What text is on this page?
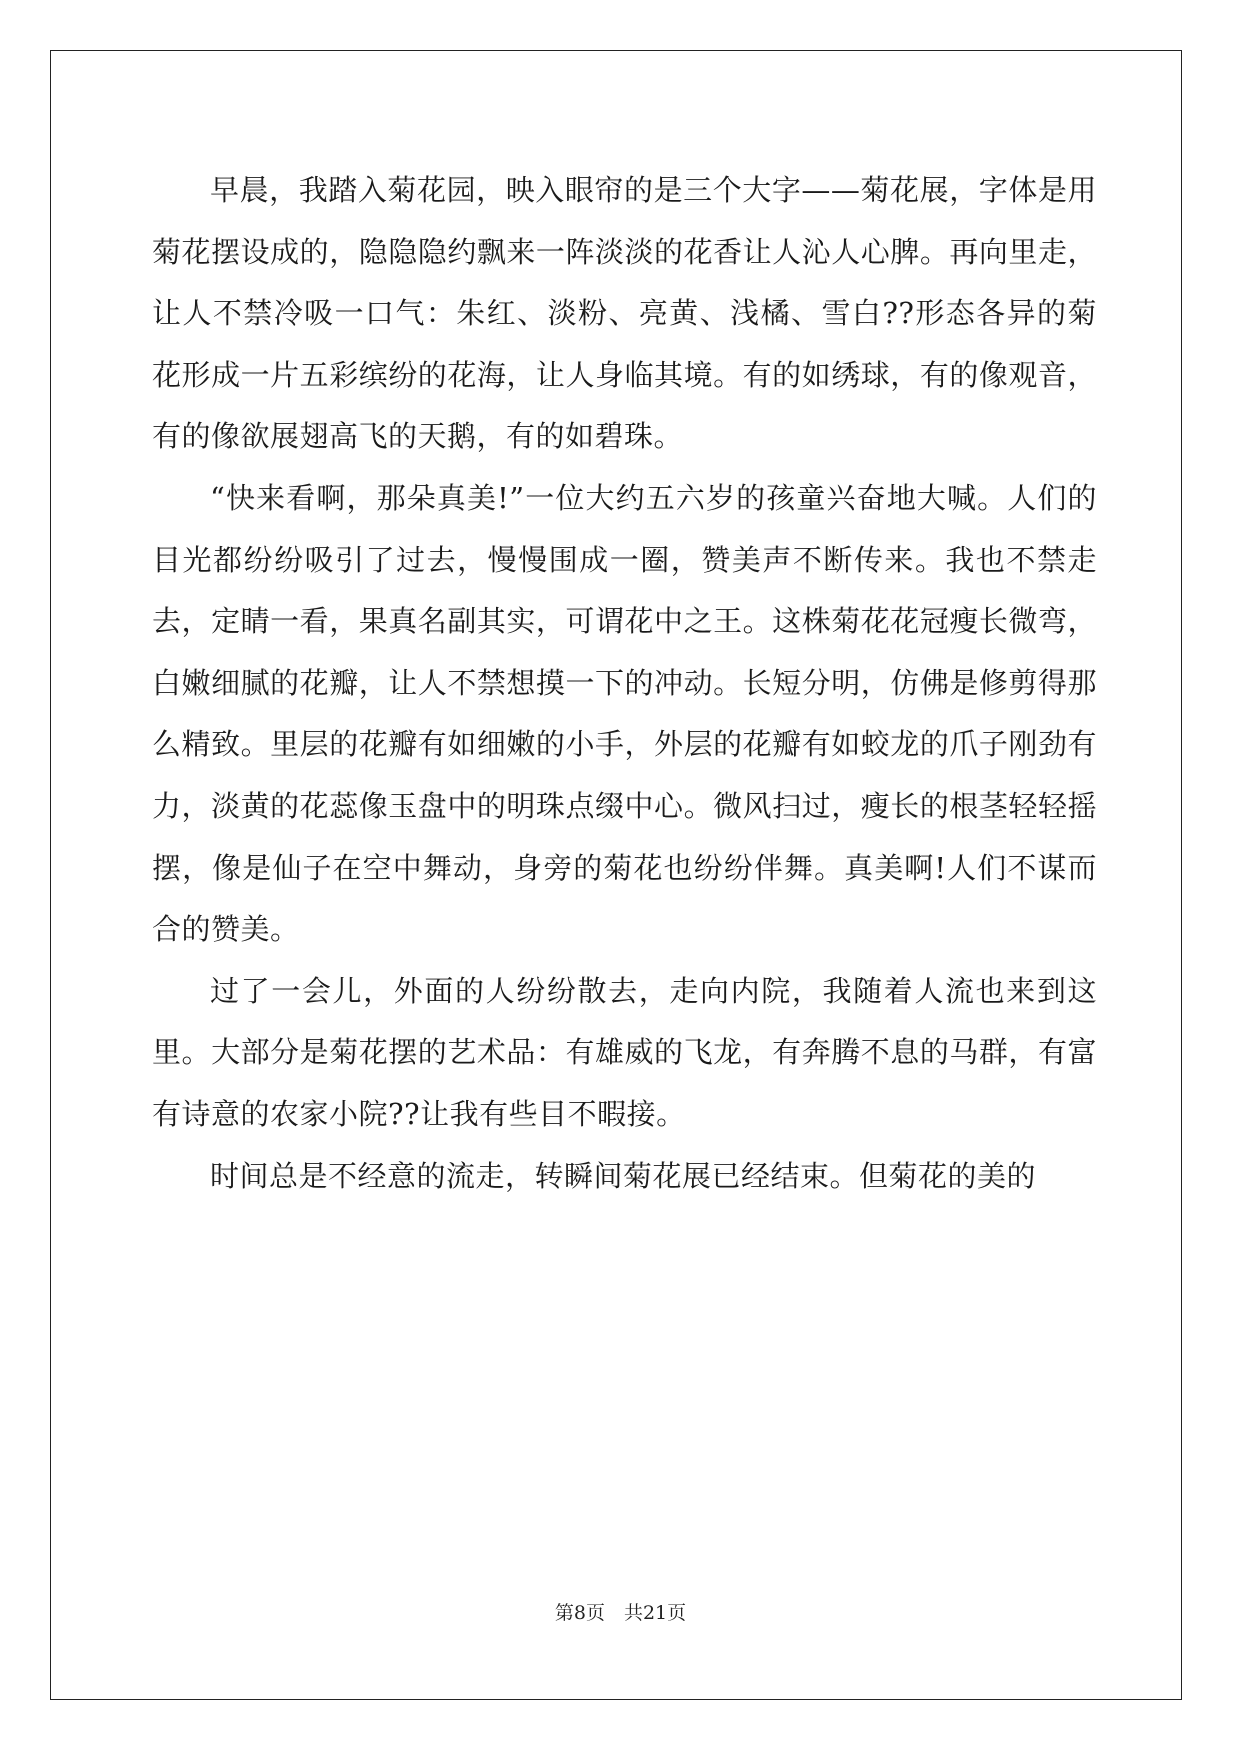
早晨，我踏入菊花园，映入眼帘的是三个大字——菊花展，字体是用菊花摆设成的，隐隐隐约飘来一阵淡淡的花香让人沁人心脾。再向里走，让人不禁冷吸一口气：朱红、淡粉、亮黄、浅橘、雪白??形态各异的菊花形成一片五彩缤纷的花海，让人身临其境。有的如绣球，有的像观音，有的像欲展翅高飞的天鹅，有的如碧珠。

“快来看啊，那朵真美!”一位大约五六岁的孩童兴奋地大喊。人们的目光都纷纷吸引了过去，慢慢围成一圈，赞美声不断传来。我也不禁走去，定睛一看，果真名副其实，可谓花中之王。这株菊花花冠瘦长微弯，白嫩细腻的花瓣，让人不禁想摸一下的冲动。长短分明，仿佛是修剪得那么精致。里层的花瓣有如细嫩的小手，外层的花瓣有如蛟龙的爪子刚劲有力，淡黄的花蕊像玉盘中的明珠点缀中心。微风扫过，瘦长的根茎轻轻摇摆，像是仙子在空中舞动，身旁的菊花也纷纷伴舞。真美啊!人们不谋而合的赞美。

过了一会儿，外面的人纷纷散去，走向内院，我随着人流也来到这里。大部分是菊花摆的艺术品：有雄威的飞龙，有奔腾不息的马群，有富有诗意的农家小院??让我有些目不暇接。

时间总是不经意的流走，转瞬间菊花展已经结束。但菊花的美的

第8页　共21页
